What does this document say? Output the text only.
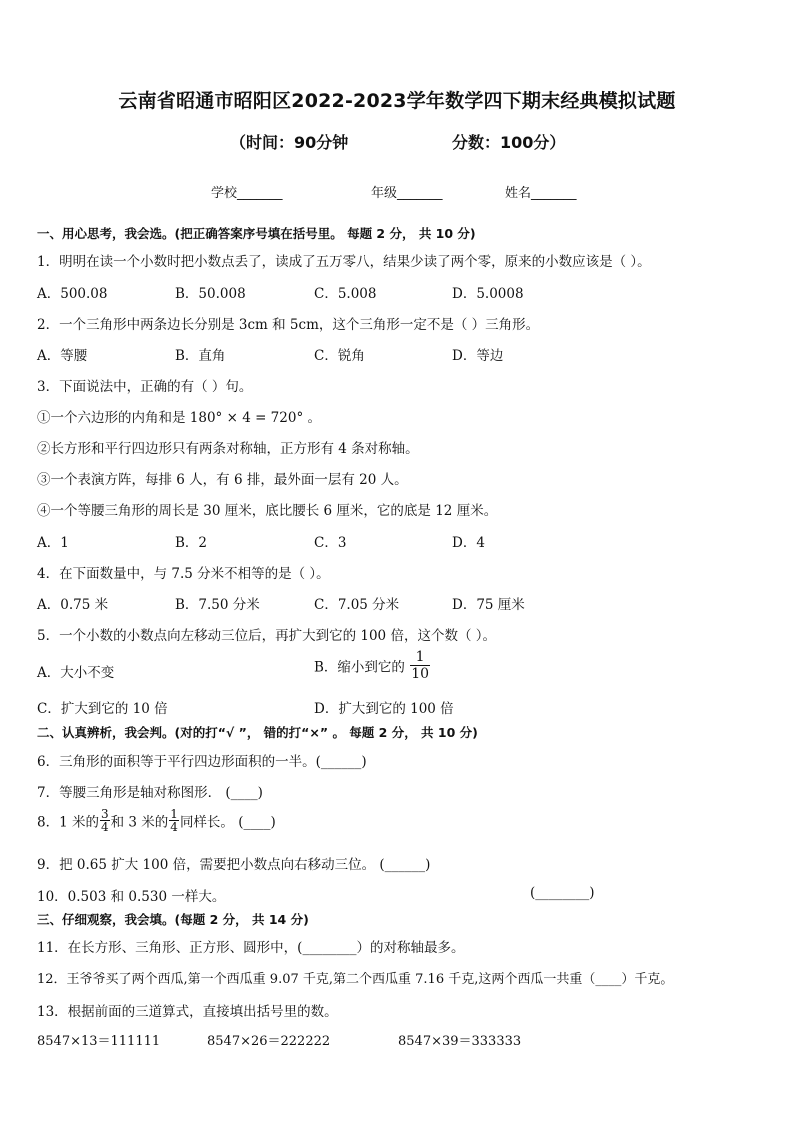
云南省昭通市昭阳区2022-2023学年数学四下期末经典模拟试题
（时间：90分钟	分数：100分）
学校_______	年级_______	姓名_______
一、用心思考，我会选。(把正确答案序号填在括号里。 每题 2 分， 共 10 分)
1．明明在读一个小数时把小数点丢了，读成了五万零八，结果少读了两个零，原来的小数应该是（ ）。
A．500.08	B．50.008	C．5.008	D．5.0008
2．一个三角形中两条边长分别是 3cm 和 5cm，这个三角形一定不是（ ）三角形。
A．等腰	B．直角	C．锐角	D．等边
3．下面说法中，正确的有（ ）句。
①一个六边形的内角和是 180° × 4 = 720° 。
②长方形和平行四边形只有两条对称轴，正方形有 4 条对称轴。
③一个表演方阵，每排 6 人，有 6 排，最外面一层有 20 人。
④一个等腰三角形的周长是 30 厘米，底比腰长 6 厘米，它的底是 12 厘米。
A．1	B．2	C．3	D．4
4．在下面数量中，与 7.5 分米不相等的是（ ）。
A．0.75 米	B．7.50 分米	C．7.05 分米	D．75 厘米
5．一个小数的小数点向左移动三位后，再扩大到它的 100 倍，这个数（ ）。
A．大小不变	B．缩小到它的 $\frac{1}{10}$
C．扩大到它的 10 倍	D．扩大到它的 100 倍
二、认真辨析，我会判。(对的打“√ ”， 错的打“×” 。 每题 2 分， 共 10 分)
6．三角形的面积等于平行四边形面积的一半。(______)
7．等腰三角形是轴对称图形． (____)
8．1 米的 $\frac{3}{4}$ 和 3 米的 $\frac{1}{4}$ 同样长。 (____)
9．把 0.65 扩大 100 倍，需要把小数点向右移动三位。 (______)
10．0.503 和 0.530 一样大。	(________)
三、仔细观察，我会填。(每题 2 分， 共 14 分)
11．在长方形、三角形、正方形、圆形中，(________）的对称轴最多。
12．王爷爷买了两个西瓜,第一个西瓜重 9.07 千克,第二个西瓜重 7.16 千克,这两个西瓜一共重（____）千克。
13．根据前面的三道算式，直接填出括号里的数。
8547×13＝111111	8547×26＝222222	8547×39＝333333
